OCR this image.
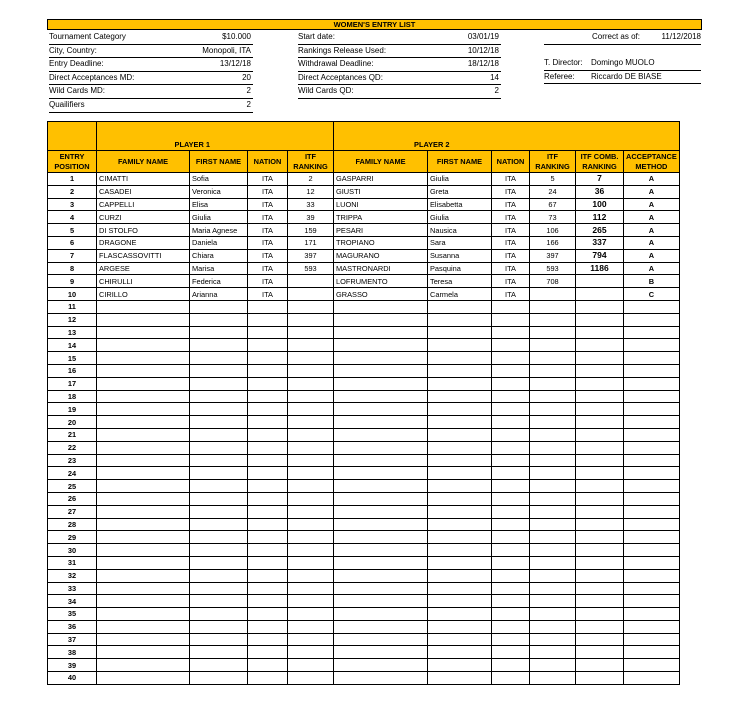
WOMEN'S ENTRY LIST
Tournament Category	$10.000
City, Country:	Monopoli, ITA
Entry Deadline:	13/12/18
Direct Acceptances MD:	20
Wild Cards MD:	2
Quailifiers	2
Start date:	03/01/19
Rankings Release Used:	10/12/18
Withdrawal Deadline:	18/12/18
Direct Acceptances QD:	14
Wild Cards QD:	2
Correct as of:	11/12/2018
T. Director:	Domingo MUOLO
Referee:	Riccardo DE BIASE
	PLAYER 1				PLAYER 2					
ENTRY POSITION	FAMILY NAME	FIRST NAME	NATION	ITF RANKING	FAMILY NAME	FIRST NAME	NATION	ITF RANKING	ITF COMB. RANKING	ACCEPTANCE METHOD
1	CIMATTI	Sofia	ITA	2	GASPARRI	Giulia	ITA	5	7	A
2	CASADEI	Veronica	ITA	12	GIUSTI	Greta	ITA	24	36	A
3	CAPPELLI	Elisa	ITA	33	LUONI	Elisabetta	ITA	67	100	A
4	CURZI	Giulia	ITA	39	TRIPPA	Giulia	ITA	73	112	A
5	DI STOLFO	Maria Agnese	ITA	159	PESARI	Nausica	ITA	106	265	A
6	DRAGONE	Daniela	ITA	171	TROPIANO	Sara	ITA	166	337	A
7	FLASCASSOVITTI	Chiara	ITA	397	MAGURANO	Susanna	ITA	397	794	A
8	ARGESE	Marisa	ITA	593	MASTRONARDI	Pasquina	ITA	593	1186	A
9	CHIRULLI	Federica	ITA		LOFRUMENTO	Teresa	ITA	708		B
10	CIRILLO	Arianna	ITA		GRASSO	Carmela	ITA			C
11										
12										
13										
14										
15										
16										
17										
18										
19										
20										
21										
22										
23										
24										
25										
26										
27										
28										
29										
30										
31										
32										
33										
34										
35										
36										
37										
38										
39										
40										
